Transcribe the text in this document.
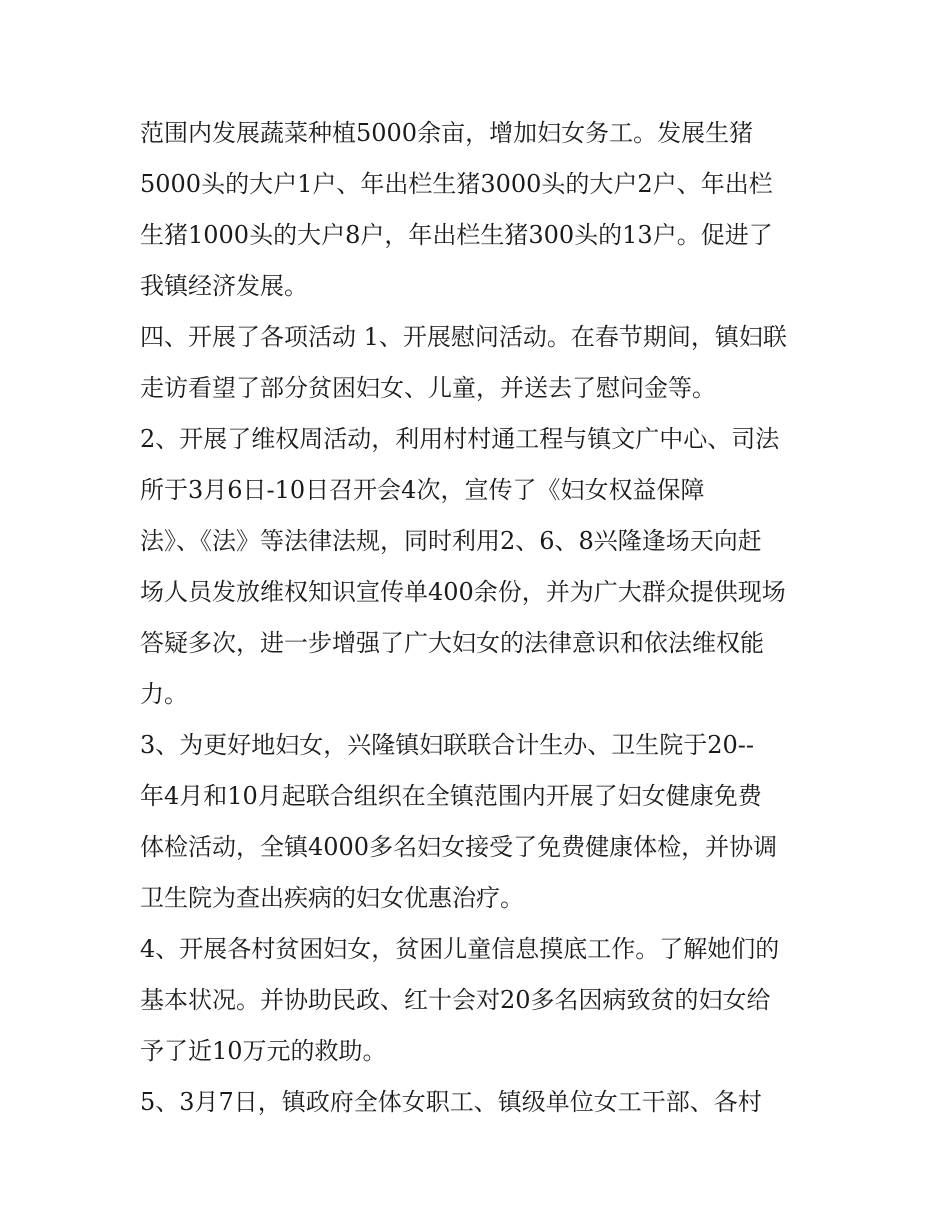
范围内发展蔬菜种植5000余亩，增加妇女务工。发展生猪
5000头的大户1户、年出栏生猪3000头的大户2户、年出栏
生猪1000头的大户8户，年出栏生猪300头的13户。促进了
我镇经济发展。
四、开展了各项活动 1、开展慰问活动。在春节期间，镇妇联
走访看望了部分贫困妇女、儿童，并送去了慰问金等。
2、开展了维权周活动，利用村村通工程与镇文广中心、司法
所于3月6日-10日召开会4次，宣传了《妇女权益保障
法》、《法》等法律法规，同时利用2、6、8兴隆逢场天向赶
场人员发放维权知识宣传单400余份，并为广大群众提供现场
答疑多次，进一步增强了广大妇女的法律意识和依法维权能
力。
3、为更好地妇女，兴隆镇妇联联合计生办、卫生院于20--
年4月和10月起联合组织在全镇范围内开展了妇女健康免费
体检活动，全镇4000多名妇女接受了免费健康体检，并协调
卫生院为查出疾病的妇女优惠治疗。
4、开展各村贫困妇女，贫困儿童信息摸底工作。了解她们的
基本状况。并协助民政、红十会对20多名因病致贫的妇女给
予了近10万元的救助。
5、3月7日，镇政府全体女职工、镇级单位女工干部、各村
